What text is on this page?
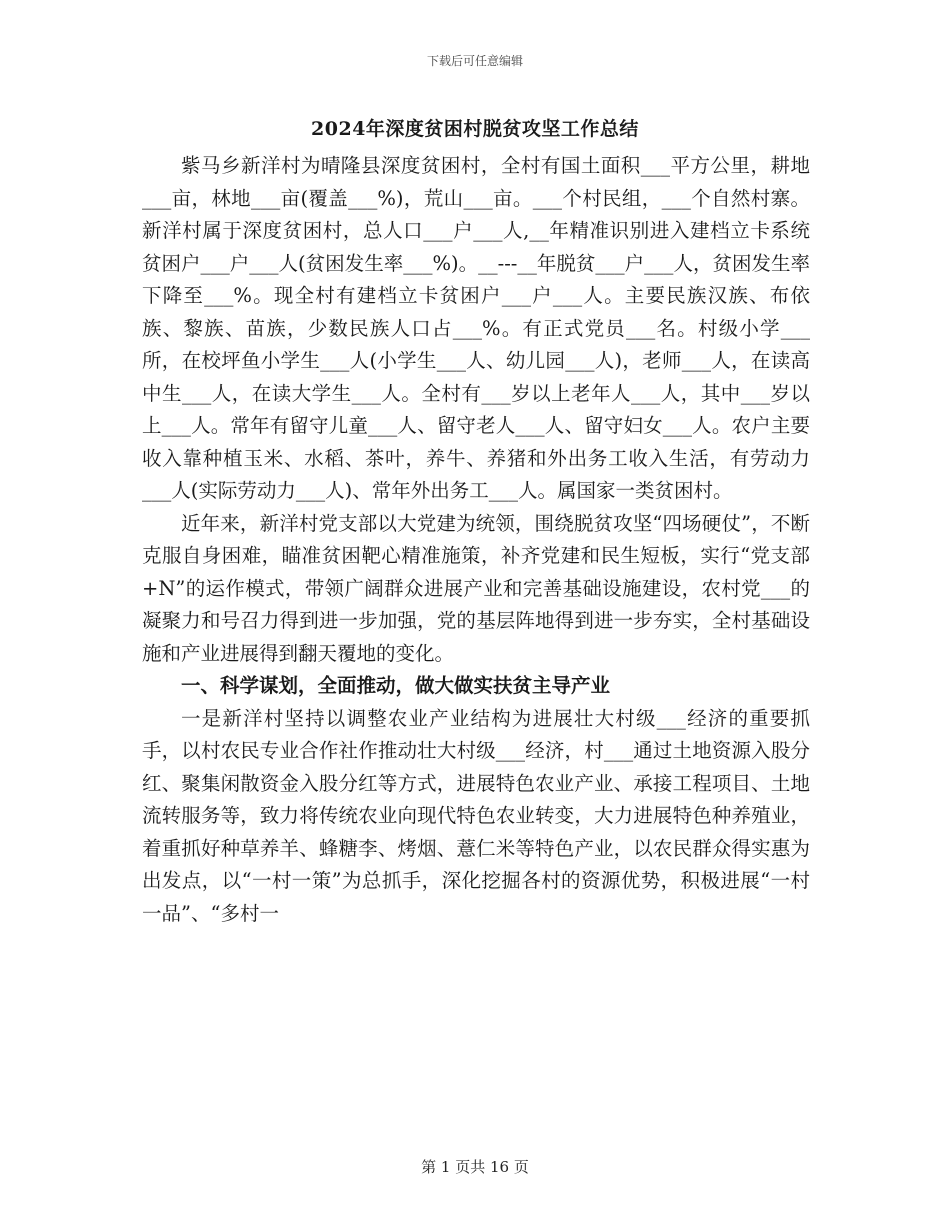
下载后可任意编辑
2024年深度贫困村脱贫攻坚工作总结

紫马乡新洋村为晴隆县深度贫困村，全村有国土面积___平方公里，耕地___亩，林地___亩(覆盖___%)，荒山___亩。___个村民组，___个自然村寨。新洋村属于深度贫困村，总人口___户___人,__年精准识别进入建档立卡系统贫困户___户___人(贫困发生率___%)。__---__年脱贫___户___人，贫困发生率下降至___%。现全村有建档立卡贫困户___户___人。主要民族汉族、布依族、黎族、苗族，少数民族人口占___%。有正式党员___名。村级小学___所，在校坪鱼小学生___人(小学生___人、幼儿园___人)，老师___人，在读高中生___人，在读大学生___人。全村有___岁以上老年人___人，其中___岁以上___人。常年有留守儿童___人、留守老人___人、留守妇女___人。农户主要收入靠种植玉米、水稻、茶叶，养牛、养猪和外出务工收入生活，有劳动力___人(实际劳动力___人)、常年外出务工___人。属国家一类贫困村。

近年来，新洋村党支部以大党建为统领，围绕脱贫攻坚“四场硬仗”，不断克服自身困难，瞄准贫困靶心精准施策，补齐党建和民生短板，实行“党支部+N”的运作模式，带领广阔群众进展产业和完善基础设施建设，农村党___的凝聚力和号召力得到进一步加强，党的基层阵地得到进一步夯实，全村基础设施和产业进展得到翻天覆地的变化。

一、科学谋划，全面推动，做大做实扶贫主导产业

一是新洋村坚持以调整农业产业结构为进展壮大村级___经济的重要抓手，以村农民专业合作社作推动壮大村级___经济，村___通过土地资源入股分红、聚集闲散资金入股分红等方式，进展特色农业产业、承接工程项目、土地流转服务等，致力将传统农业向现代特色农业转变，大力进展特色种养殖业，着重抓好种草养羊、蜂糖李、烤烟、薏仁米等特色产业，以农民群众得实惠为出发点，以“一村一策”为总抓手，深化挖掘各村的资源优势，积极进展“一村一品”、“多村一

第 1 页共 16 页
